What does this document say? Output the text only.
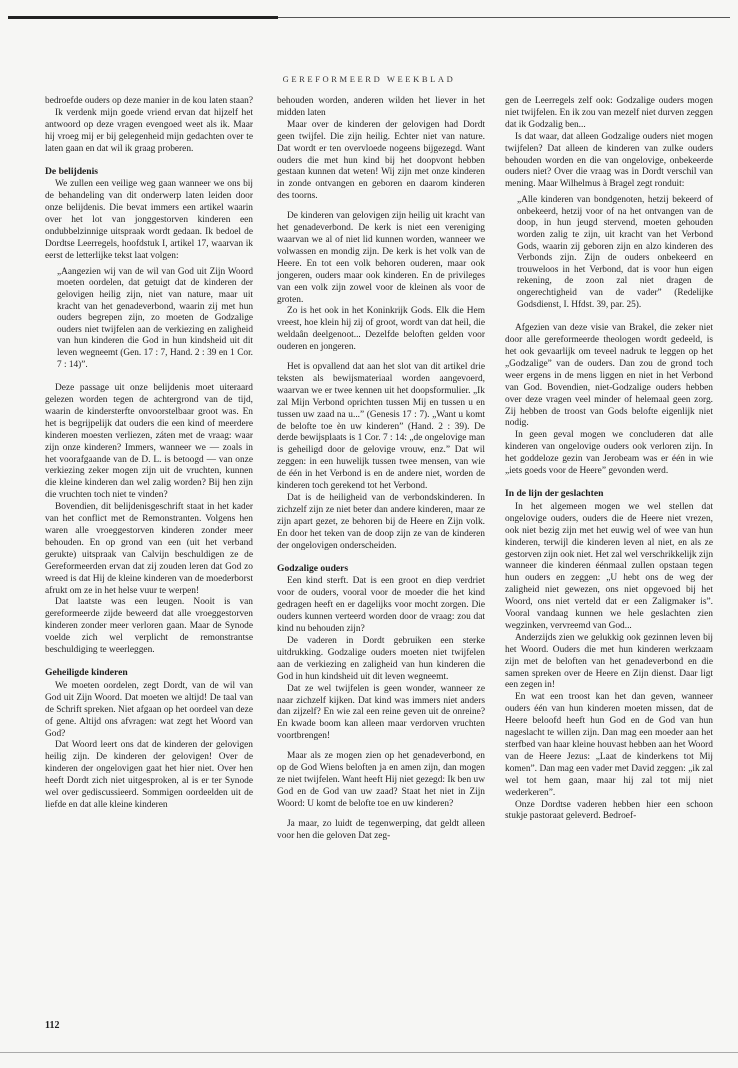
GEREFORMEERD WEEKBLAD

bedroefde ouders op deze manier in de kou laten staan?

Ik verdenk mijn goede vriend ervan dat hijzelf het antwoord op deze vragen evengoed weet als ik. Maar hij vroeg mij er bij gelegenheid mijn gedachten over te laten gaan en dat wil ik graag proberen.

De belijdenis

We zullen een veilige weg gaan wanneer we ons bij de behandeling van dit onderwerp laten leiden door onze belijdenis. Die bevat immers een artikel waarin over het lot van jonggestorven kinderen een ondubbelzinnige uitspraak wordt gedaan. Ik bedoel de Dordtse Leerregels, hoofdstuk I, artikel 17, waarvan ik eerst de letterlijke tekst laat volgen:

„Aangezien wij van de wil van God uit Zijn Woord moeten oordelen, dat getuigt dat de kinderen der gelovigen heilig zijn, niet van nature, maar uit kracht van het genadeverbond, waarin zij met hun ouders begrepen zijn, zo moeten de Godzalige ouders niet twijfelen aan de verkiezing en zaligheid van hun kinderen die God in hun kindsheid uit dit leven wegneemt (Gen. 17 : 7, Hand. 2 : 39 en 1 Cor. 7 : 14)”.

Deze passage uit onze belijdenis moet uiteraard gelezen worden tegen de achtergrond van de tijd, waarin de kindersterfte onvoorstelbaar groot was. En het is begrijpelijk dat ouders die een kind of meerdere kinderen moesten verliezen, záten met de vraag: waar zijn onze kinderen? Immers, wanneer we — zoals in het voorafgaande van de D. L. is betoogd — van onze verkiezing zeker mogen zijn uit de vruchten, kunnen die kleine kinderen dan wel zalig worden? Bij hen zijn die vruchten toch niet te vinden?

Bovendien, dit belijdenisgeschrift staat in het kader van het conflict met de Remonstranten. Volgens hen waren alle vroeggestorven kinderen zonder meer behouden. En op grond van een (uit het verband gerukte) uitspraak van Calvijn beschuldigen ze de Gereformeerden ervan dat zij zouden leren dat God zo wreed is dat Hij de kleine kinderen van de moederborst afrukt om ze in het helse vuur te werpen!

Dat laatste was een leugen. Nooit is van gereformeerde zijde beweerd dat alle vroeggestorven kinderen zonder meer verloren gaan. Maar de Synode voelde zich wel verplicht de remonstrantse beschuldiging te weerleggen.

Geheiligde kinderen

We moeten oordelen, zegt Dordt, van de wil van God uit Zijn Woord. Dat moeten we altijd! De taal van de Schrift spreken. Niet afgaan op het oordeel van deze of gene. Altijd ons afvragen: wat zegt het Woord van God?

Dat Woord leert ons dat de kinderen der gelovigen heilig zijn. De kinderen der gelovigen! Over de kinderen der ongelovigen gaat het hier niet. Over hen heeft Dordt zich niet uitgesproken, al is er ter Synode wel over gediscussieerd. Sommigen oordeelden uit de liefde en dat alle kleine kinderen

behouden worden, anderen wilden het liever in het midden laten

Maar over de kinderen der gelovigen had Dordt geen twijfel. Die zijn heilig. Echter niet van nature. Dat wordt er ten overvloede nogeens bijgezegd. Want ouders die met hun kind bij het doopvont hebben gestaan kunnen dat weten! Wij zijn met onze kinderen in zonde ontvangen en geboren en daarom kinderen des toorns.

De kinderen van gelovigen zijn heilig uit kracht van het genadeverbond. De kerk is niet een vereniging waarvan we al of niet lid kunnen worden, wanneer we volwassen en mondig zijn. De kerk is het volk van de Heere. En tot een volk behoren ouderen, maar ook jongeren, ouders maar ook kinderen. En de privileges van een volk zijn zowel voor de kleinen als voor de groten.

Zo is het ook in het Koninkrijk Gods. Elk die Hem vreest, hoe klein hij zij of groot, wordt van dat heil, die weldaân deelgenoot... Dezelfde beloften gelden voor ouderen en jongeren.

Het is opvallend dat aan het slot van dit artikel drie teksten als bewijsmateriaal worden aangevoerd, waarvan we er twee kennen uit het doopsformulier. „Ik zal Mijn Verbond oprichten tussen Mij en tussen u en tussen uw zaad na u...” (Genesis 17 : 7). „Want u komt de belofte toe èn uw kinderen” (Hand. 2 : 39). De derde bewijsplaats is 1 Cor. 7 : 14: „de ongelovige man is geheiligd door de gelovige vrouw, enz.” Dat wil zeggen: in een huwelijk tussen twee mensen, van wie de één in het Verbond is en de andere niet, worden de kinderen toch gerekend tot het Verbond.

Dat is de heiligheid van de verbondskinderen. In zichzelf zijn ze niet beter dan andere kinderen, maar ze zijn apart gezet, ze behoren bij de Heere en Zijn volk. En door het teken van de doop zijn ze van de kinderen der ongelovigen onderscheiden.

Godzalige ouders

Een kind sterft. Dat is een groot en diep verdriet voor de ouders, vooral voor de moeder die het kind gedragen heeft en er dagelijks voor mocht zorgen. Die ouders kunnen verteerd worden door de vraag: zou dat kind nu behouden zijn?

De vaderen in Dordt gebruiken een sterke uitdrukking. Godzalige ouders moeten niet twijfelen aan de verkiezing en zaligheid van hun kinderen die God in hun kindsheid uit dit leven wegneemt.

Dat ze wel twijfelen is geen wonder, wanneer ze naar zichzelf kijken. Dat kind was immers niet anders dan zijzelf? En wie zal een reine geven uit de onreine? En kwade boom kan alleen maar verdorven vruchten voortbrengen!

Maar als ze mogen zien op het genadeverbond, en op de God Wiens beloften ja en amen zijn, dan mogen ze niet twijfelen. Want heeft Hij niet gezegd: Ik ben uw God en de God van uw zaad? Staat het niet in Zijn Woord: U komt de belofte toe en uw kinderen?

Ja maar, zo luidt de tegenwerping, dat geldt alleen voor hen die geloven Dat zeg-

gen de Leerregels zelf ook: Godzalige ouders mogen niet twijfelen. En ik zou van mezelf niet durven zeggen dat ik Godzalig ben...

Is dat waar, dat alleen Godzalige ouders niet mogen twijfelen? Dat alleen de kinderen van zulke ouders behouden worden en die van ongelovige, onbekeerde ouders niet? Over die vraag was in Dordt verschil van mening. Maar Wilhelmus à Bragel zegt ronduit:

„Alle kinderen van bondgenoten, hetzij bekeerd of onbekeerd, hetzij voor of na het ontvangen van de doop, in hun jeugd stervend, moeten gehouden worden zalig te zijn, uit kracht van het Verbond Gods, waarin zij geboren zijn en alzo kinderen des Verbonds zijn. Zijn de ouders onbekeerd en trouweloos in het Verbond, dat is voor hun eigen rekening, de zoon zal niet dragen de ongerechtigheid van de vader” (Redelijke Godsdienst, I. Hfdst. 39, par. 25).

Afgezien van deze visie van Brakel, die zeker niet door alle gereformeerde theologen wordt gedeeld, is het ook gevaarlijk om teveel nadruk te leggen op het „Godzalige” van de ouders. Dan zou de grond toch weer ergens in de mens liggen en niet in het Verbond van God. Bovendien, niet-Godzalige ouders hebben over deze vragen veel minder of helemaal geen zorg. Zij hebben de troost van Gods belofte eigenlijk niet nodig.

In geen geval mogen we concluderen dat alle kinderen van ongelovige ouders ook verloren zijn. In het goddeloze gezin van Jerobeam was er één in wie „iets goeds voor de Heere” gevonden werd.

In de lijn der geslachten

In het algemeen mogen we wel stellen dat ongelovige ouders, ouders die de Heere niet vrezen, ook niet bezig zijn met het euwig wel of wee van hun kinderen, terwijl die kinderen leven al niet, en als ze gestorven zijn ook niet. Het zal wel verschrikkelijk zijn wanneer die kinderen éénmaal zullen opstaan tegen hun ouders en zeggen: „U hebt ons de weg der zaligheid niet gewezen, ons niet opgevoed bij het Woord, ons niet verteld dat er een Zaligmaker is”. Vooral vandaag kunnen we hele geslachten zien wegzinken, vervreemd van God...

Anderzijds zien we gelukkig ook gezinnen leven bij het Woord. Ouders die met hun kinderen werkzaam zijn met de beloften van het genadeverbond en die samen spreken over de Heere en Zijn dienst. Daar ligt een zegen in!

En wat een troost kan het dan geven, wanneer ouders één van hun kinderen moeten missen, dat de Heere beloofd heeft hun God en de God van hun nageslacht te willen zijn. Dan mag een moeder aan het sterfbed van haar kleine houvast hebben aan het Woord van de Heere Jezus: „Laat de kinderkens tot Mij komen”. Dan mag een vader met David zeggen: „ik zal wel tot hem gaan, maar hij zal tot mij niet wederkeren”.

Onze Dordtse vaderen hebben hier een schoon stukje pastoraat geleverd. Bedroef-

112
